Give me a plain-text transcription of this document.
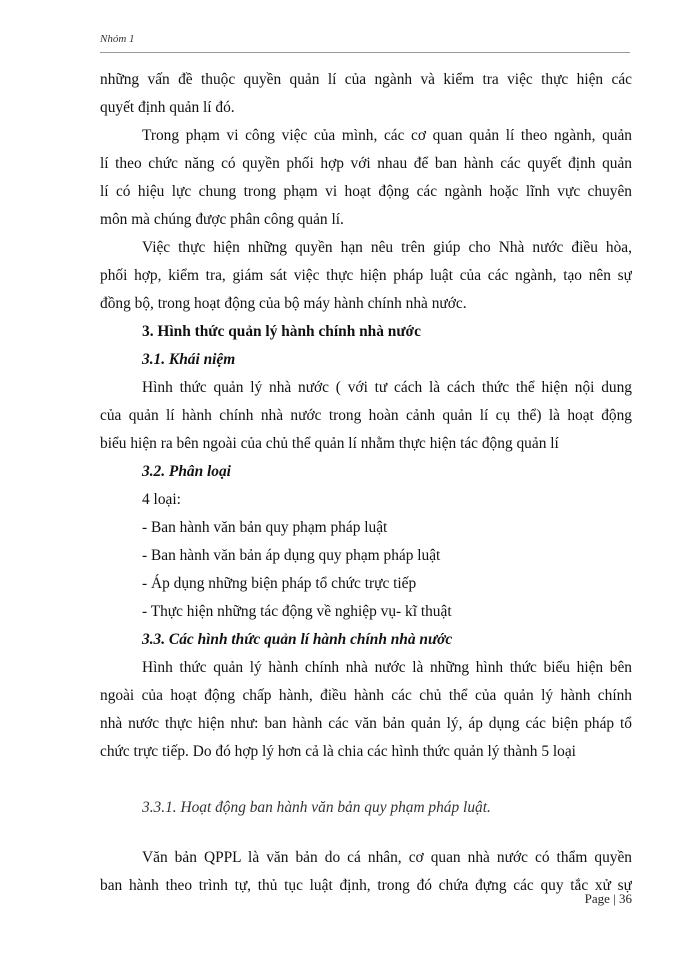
Nhóm 1
những vấn đề thuộc quyền quản lí của ngành và kiểm tra việc thực hiện các
quyết định quản lí đó.
Trong phạm vi công việc của mình, các cơ quan quản lí theo ngành, quản
lí theo chức năng có quyền phối hợp với nhau để ban hành các quyết định quản
lí có hiệu lực chung trong phạm vi hoạt động các ngành hoặc lĩnh vực chuyên
môn mà chúng được phân công quản lí.
Việc thực hiện những quyền hạn nêu trên giúp cho Nhà nước điều hòa,
phối hợp, kiểm tra, giám sát việc thực hiện pháp luật của các ngành, tạo nên sự
đồng bộ, trong hoạt động của bộ máy hành chính nhà nước.
3. Hình thức quản lý hành chính nhà nước
3.1. Khái niệm
Hình thức quản lý nhà nước ( với tư cách là cách thức thể hiện nội dung
của quản lí hành chính nhà nước trong hoàn cảnh quản lí cụ thể) là hoạt động
biểu hiện ra bên ngoài của chủ thể quản lí nhằm thực hiện tác động quản lí
3.2. Phân loại
4 loại:
- Ban hành văn bản quy phạm pháp luật
- Ban hành văn bản áp dụng quy phạm pháp luật
- Áp dụng những biện pháp tổ chức trực tiếp
- Thực hiện những tác động về nghiệp vụ- kĩ thuật
3.3. Các hình thức quản lí hành chính nhà nước
Hình thức quản lý hành chính nhà nước là những hình thức biểu hiện bên
ngoài của hoạt động chấp hành, điều hành các chủ thể của quản lý hành chính
nhà nước thực hiện như: ban hành các văn bản quản lý, áp dụng các biện pháp tổ
chức trực tiếp. Do đó hợp lý hơn cả là chia các hình thức quản lý thành 5 loại
3.3.1. Hoạt động ban hành văn bản quy phạm pháp luật.
Văn bản QPPL là văn bản do cá nhân, cơ quan nhà nước có thẩm quyền
ban hành theo trình tự, thủ tục luật định, trong đó chứa đựng các quy tắc xử sự
Page | 36
